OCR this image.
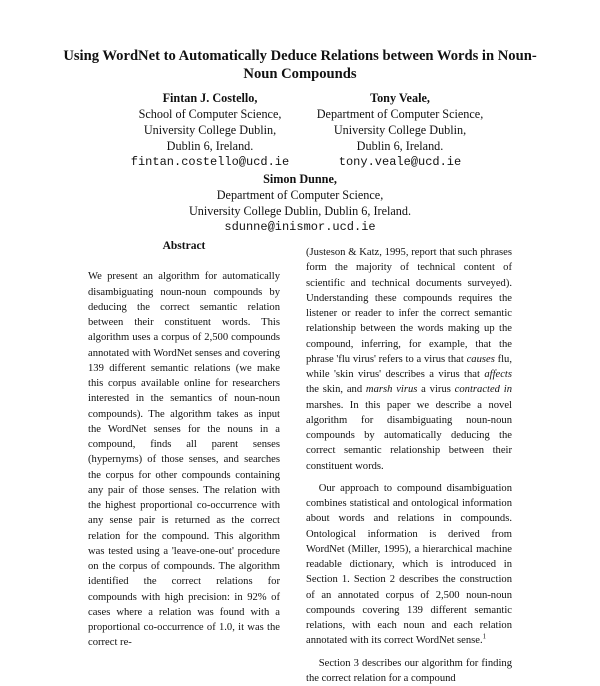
Using WordNet to Automatically Deduce Relations between Words in Noun-Noun Compounds
Fintan J. Costello,
School of Computer Science,
University College Dublin,
Dublin 6, Ireland.
fintan.costello@ucd.ie
Tony Veale,
Department of Computer Science,
University College Dublin,
Dublin 6, Ireland.
tony.veale@ucd.ie
Simon Dunne,
Department of Computer Science,
University College Dublin, Dublin 6, Ireland.
sdunne@inismor.ucd.ie
Abstract

We present an algorithm for automatically disambiguating noun-noun compounds by deducing the correct semantic relation between their constituent words. This algorithm uses a corpus of 2,500 compounds annotated with WordNet senses and covering 139 different semantic relations (we make this corpus available online for researchers interested in the semantics of noun-noun compounds). The algorithm takes as input the WordNet senses for the nouns in a compound, finds all parent senses (hypernyms) of those senses, and searches the corpus for other compounds containing any pair of those senses. The relation with the highest proportional co-occurrence with any sense pair is returned as the correct relation for the compound. This algorithm was tested using a 'leave-one-out' procedure on the corpus of compounds. The algorithm identified the correct relations for compounds with high precision: in 92% of cases where a relation was found with a proportional co-occurrence of 1.0, it was the correct re-

(Justeson & Katz, 1995, report that such phrases form the majority of technical content of scientific and technical documents surveyed). Understanding these compounds requires the listener or reader to infer the correct semantic relationship between the words making up the compound, inferring, for example, that the phrase 'flu virus' refers to a virus that causes flu, while 'skin virus' describes a virus that affects the skin, and marsh virus a virus contracted in marshes. In this paper we describe a novel algorithm for disambiguating noun-noun compounds by automatically deducing the correct semantic relationship between their constituent words.

Our approach to compound disambiguation combines statistical and ontological information about words and relations in compounds. Ontological information is derived from WordNet (Miller, 1995), a hierarchical machine readable dictionary, which is introduced in Section 1. Section 2 describes the construction of an annotated corpus of 2,500 noun-noun compounds covering 139 different semantic relations, with each noun and each relation annotated with its correct WordNet sense.$^1$

Section 3 describes our algorithm for finding the correct relation for a compound
